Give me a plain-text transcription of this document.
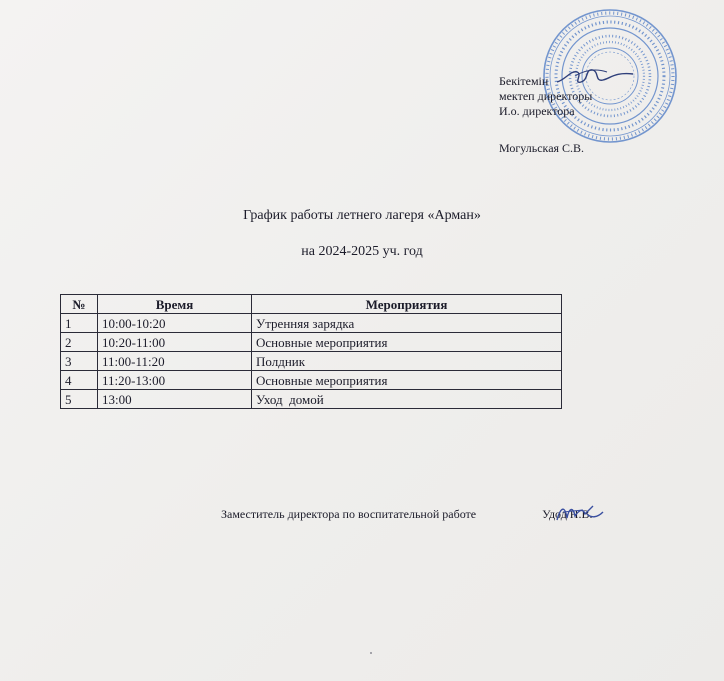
Бекітемін
мектеп директоры
И.о. директора
Могульская С.В.
График работы летнего лагеря «Арман»
на 2024-2025 уч. год
№	Время	Мероприятия
1	10:00-10:20	Утренняя зарядка
2	10:20-11:00	Основные мероприятия
3	11:00-11:20	Полдник
4	11:20-13:00	Основные мероприятия
5	13:00	Уход  домой
Заместитель директора по воспитательной работе	Удод Н.В.
